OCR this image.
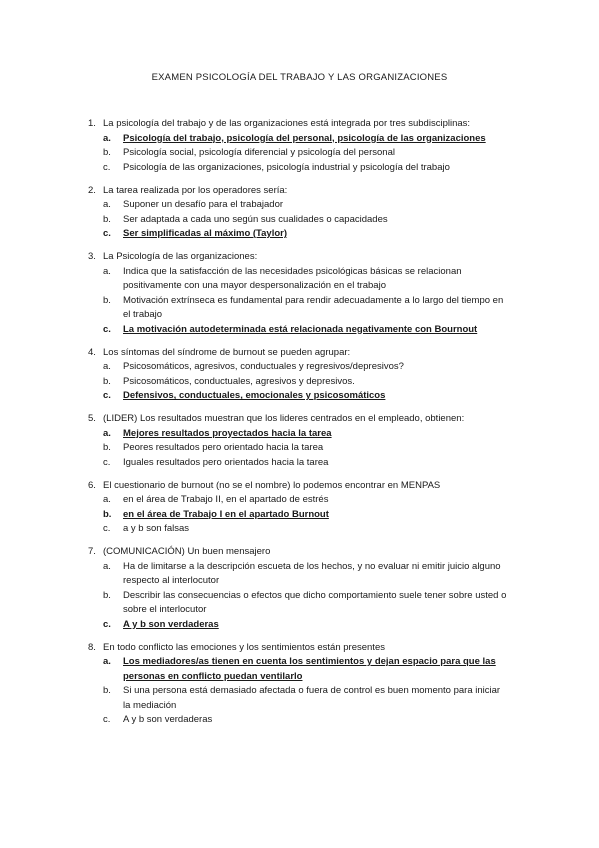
EXAMEN PSICOLOGÍA DEL TRABAJO Y LAS ORGANIZACIONES
1. La psicología del trabajo y de las organizaciones está integrada por tres subdisciplinas:
a. Psicología del trabajo, psicología del personal, psicología de las organizaciones
b. Psicología social, psicología diferencial y psicología del personal
c. Psicología de las organizaciones, psicología industrial y psicología del trabajo
2. La tarea realizada por los operadores sería:
a. Suponer un desafío para el trabajador
b. Ser adaptada a cada uno según sus cualidades o capacidades
c. Ser simplificadas al máximo (Taylor)
3. La Psicología de las organizaciones:
a. Indica que la satisfacción de las necesidades psicológicas básicas se relacionan positivamente con una mayor despersonalización en el trabajo
b. Motivación extrínseca es fundamental para rendir adecuadamente a lo largo del tiempo en el trabajo
c. La motivación autodeterminada está relacionada negativamente con Bournout
4. Los síntomas del síndrome de burnout se pueden agrupar:
a. Psicosomáticos, agresivos, conductuales y regresivos/depresivos?
b. Psicosomáticos, conductuales, agresivos y depresivos.
c. Defensivos, conductuales, emocionales y psicosomáticos
5. (LIDER) Los resultados muestran que los lideres centrados en el empleado, obtienen:
a. Mejores resultados proyectados hacia la tarea
b. Peores resultados pero orientado hacia la tarea
c. Iguales resultados pero orientados hacia la tarea
6. El cuestionario de burnout (no se el nombre) lo podemos encontrar en MENPAS
a. en el área de Trabajo II, en el apartado de estrés
b. en el área de Trabajo I en el apartado Burnout
c. a y b son falsas
7. (COMUNICACIÓN) Un buen mensajero
a. Ha de limitarse a la descripción escueta de los hechos, y no evaluar ni emitir juicio alguno respecto al interlocutor
b. Describir las consecuencias o efectos que dicho comportamiento suele tener sobre usted o sobre el interlocutor
c. A y b son verdaderas
8. En todo conflicto las emociones y los sentimientos están presentes
a. Los mediadores/as tienen en cuenta los sentimientos y dejan espacio para que las personas en conflicto puedan ventilarlo
b. Si una persona está demasiado afectada o fuera de control es buen momento para iniciar la mediación
c. A y b son verdaderas
